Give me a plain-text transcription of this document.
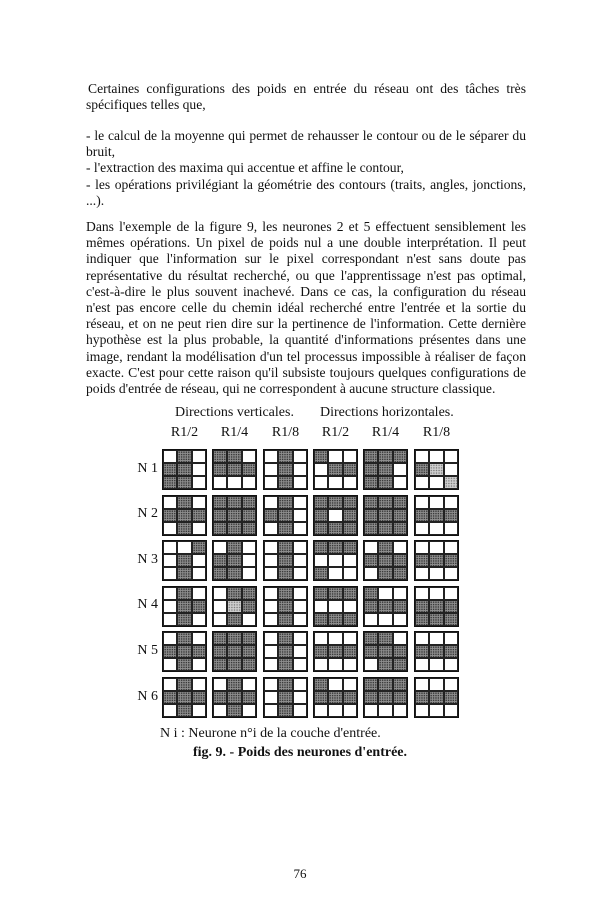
Certaines configurations des poids en entrée du réseau ont des tâches très spécifiques telles que,

- le calcul de la moyenne qui permet de rehausser le contour ou de le séparer du bruit,

- l'extraction des maxima qui accentue et affine le contour,

- les opérations privilégiant la géométrie des contours (traits, angles, jonctions, ...).

Dans l'exemple de la figure 9, les neurones 2 et 5 effectuent sensiblement les mêmes opérations. Un pixel de poids nul a une double interprétation. Il peut indiquer que l'information sur le pixel correspondant n'est sans doute pas représentative du résultat recherché, ou que l'apprentissage n'est pas optimal, c'est-à-dire le plus souvent inachevé. Dans ce cas, la configuration du réseau n'est pas encore celle du chemin idéal recherché entre l'entrée et la sortie du réseau, et on ne peut rien dire sur la pertinence de l'information. Cette dernière hypothèse est la plus probable, la quantité d'informations présentes dans une image, rendant la modélisation d'un tel processus impossible à réaliser de façon exacte. C'est pour cette raison qu'il subsiste toujours quelques configurations de poids d'entrée de réseau, qui ne correspondent à aucune structure classique.

Directions verticales. Directions horizontales.
R1/2 R1/4 R1/8 R1/2 R1/4 R1/8
N 1
N 2
N 3
N 4
N 5
N 6
N i : Neurone n°i de la couche d'entrée.
fig. 9. - Poids des neurones d'entrée.
76
